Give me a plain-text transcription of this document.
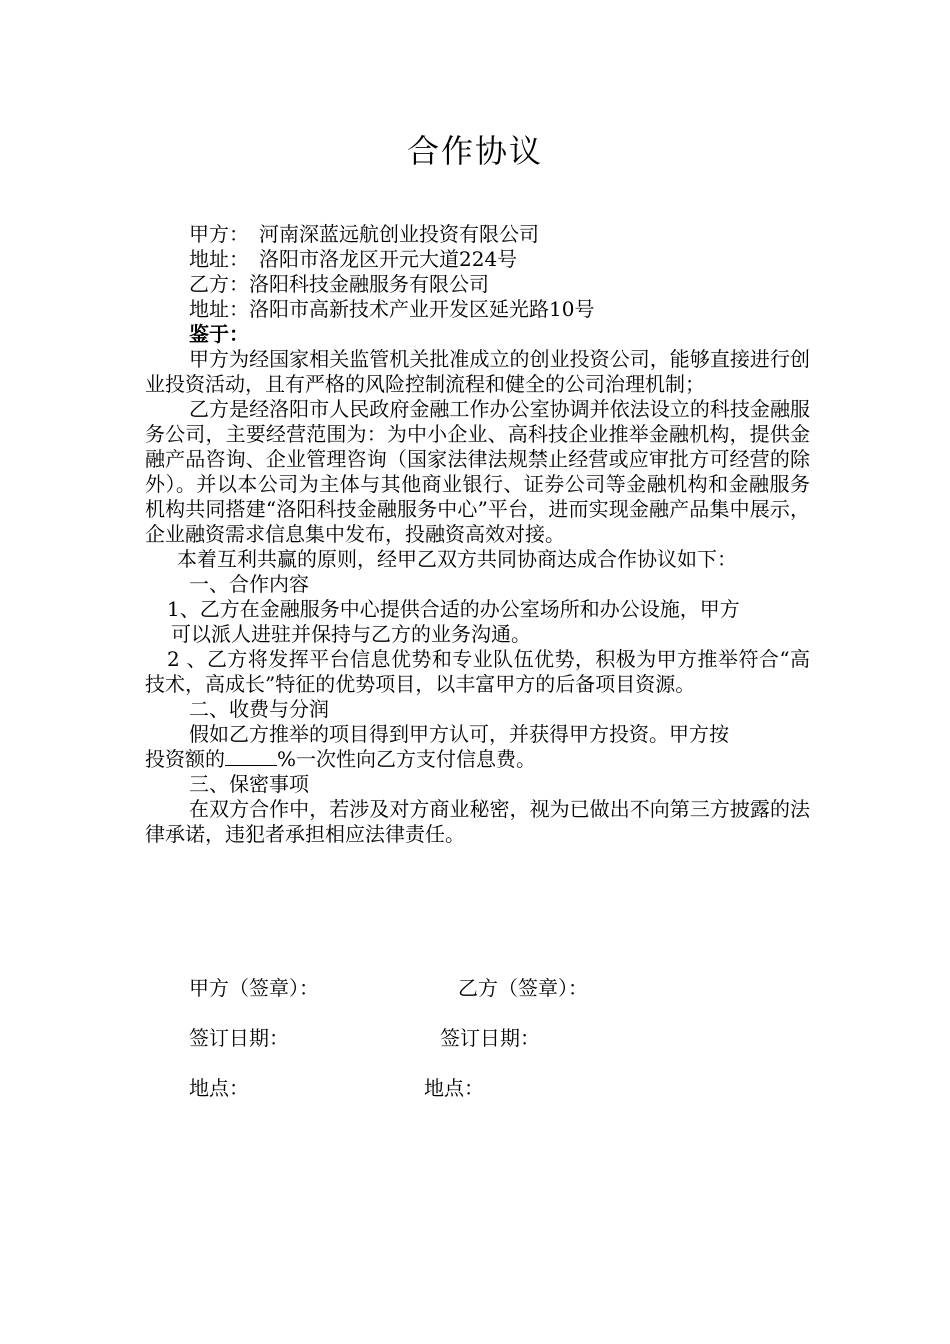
合作协议
甲方： 河南深蓝远航创业投资有限公司
地址： 洛阳市洛龙区开元大道224号
乙方：洛阳科技金融服务有限公司
地址：洛阳市高新技术产业开发区延光路10号
鉴于：
甲方为经国家相关监管机关批准成立的创业投资公司，能够直接进行创业投资活动，且有严格的风险控制流程和健全的公司治理机制；
乙方是经洛阳市人民政府金融工作办公室协调并依法设立的科技金融服务公司，主要经营范围为：为中小企业、高科技企业推举金融机构，提供金融产品咨询、企业管理咨询（国家法律法规禁止经营或应审批方可经营的除外）。并以本公司为主体与其他商业银行、证券公司等金融机构和金融服务机构共同搭建“洛阳科技金融服务中心”平台，进而实现金融产品集中展示，企业融资需求信息集中发布，投融资高效对接。
本着互利共赢的原则，经甲乙双方共同协商达成合作协议如下：
一、合作内容
1、乙方在金融服务中心提供合适的办公室场所和办公设施，甲方
可以派人进驻并保持与乙方的业务沟通。
2 、乙方将发挥平台信息优势和专业队伍优势，积极为甲方推举符合“高技术，高成长”特征的优势项目，以丰富甲方的后备项目资源。
二、收费与分润
假如乙方推举的项目得到甲方认可，并获得甲方投资。甲方按
投资额的	%一次性向乙方支付信息费。
三、保密事项
在双方合作中，若涉及对方商业秘密，视为已做出不向第三方披露的法律承诺，违犯者承担相应法律责任。
甲方（签章）：	乙方（签章）：
签订日期：	签订日期：
地点：	地点：
